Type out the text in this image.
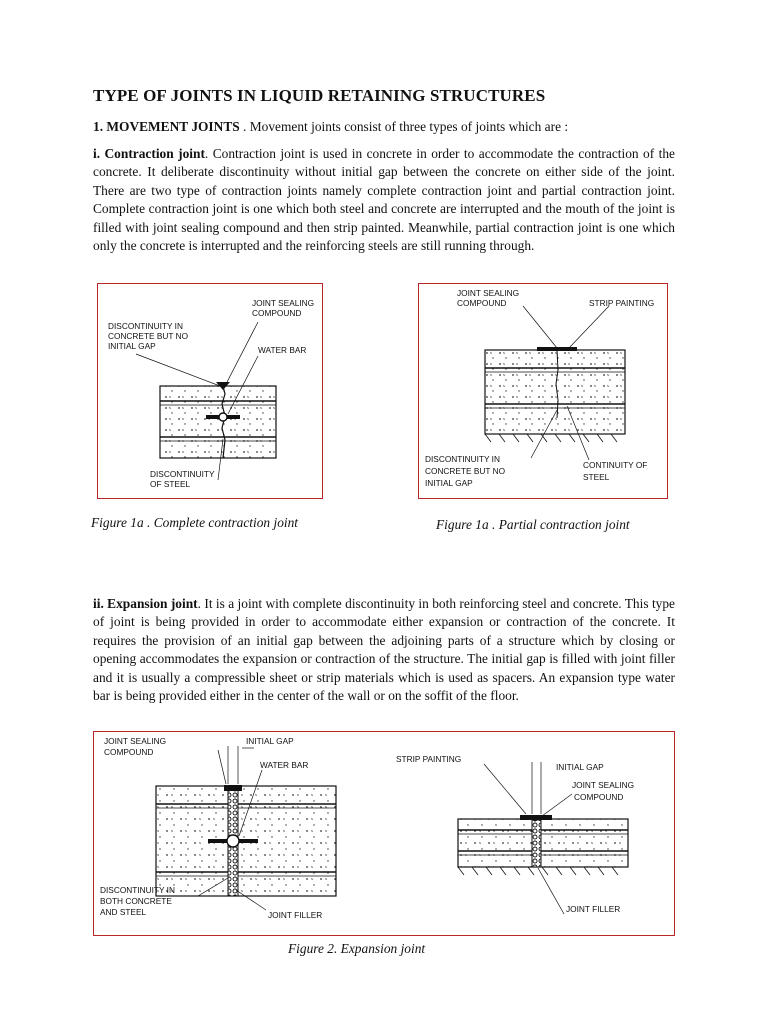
TYPE OF JOINTS IN LIQUID RETAINING STRUCTURES

1. MOVEMENT JOINTS . Movement joints consist of three types of joints which are :

i. Contraction joint. Contraction joint is used in concrete in order to accommodate the contraction of the concrete. It deliberate discontinuity without initial gap between the concrete on either side of the joint. There are two type of contraction joints namely complete contraction joint and partial contraction joint. Complete contraction joint is one which both steel and concrete are interrupted and the mouth of the joint is filled with joint sealing compound and then strip painted. Meanwhile, partial contraction joint is one which only the concrete is interrupted and the reinforcing steels are still running through.

JOINT SEALING
COMPOUND
DISCONTINUITY IN
CONCRETE BUT NO
INITIAL GAP	WATER BAR
DISCONTINUITY
OF STEEL
JOINT SEALING
COMPOUND	STRIP PAINTING
DISCONTINUITY IN
CONCRETE BUT NO
INITIAL GAP
CONTINUITY OF
STEEL

Figure 1a . Complete contraction joint	Figure 1a . Partial contraction joint

ii. Expansion joint. It is a joint with complete discontinuity in both reinforcing steel and concrete. This type of joint is being provided in order to accommodate either expansion or contraction of the concrete. It requires the provision of an initial gap between the adjoining parts of a structure which by closing or opening accommodates the expansion or contraction of the structure. The initial gap is filled with joint filler and it is usually a compressible sheet or strip materials which is used as spacers. An expansion type water bar is being provided either in the center of the wall or on the soffit of the floor.

JOINT SEALING
COMPOUND
INITIAL GAP
WATER BAR
DISCONTINUITY IN
BOTH CONCRETE
AND STEEL	JOINT FILLER
STRIP PAINTING
INITIAL GAP
JOINT SEALING
COMPOUND
JOINT FILLER

Figure 2. Expansion joint
